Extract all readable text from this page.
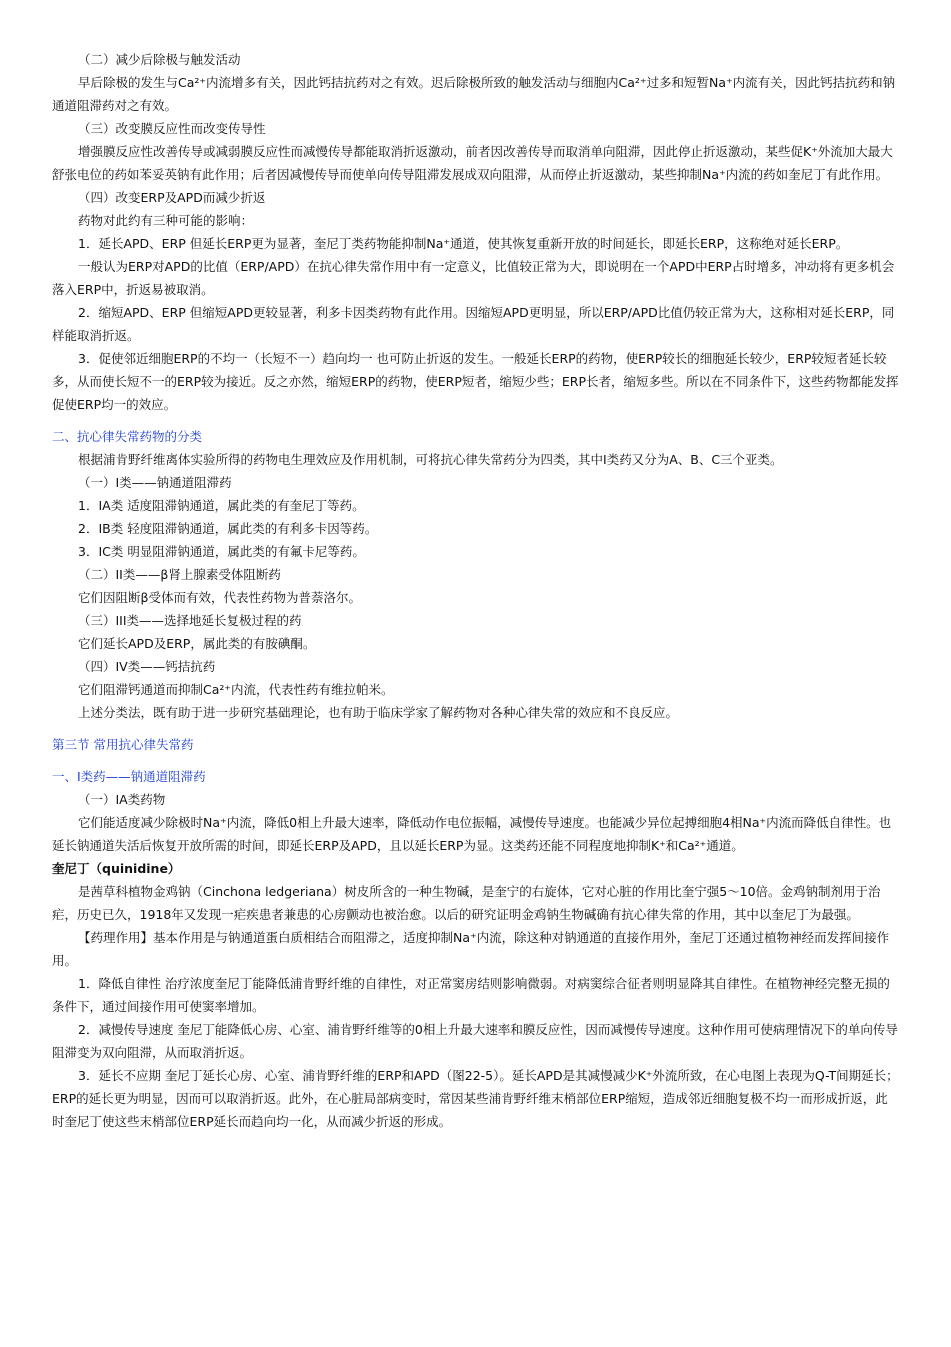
（二）减少后除极与触发活动

早后除极的发生与Ca²⁺内流增多有关，因此钙拮抗药对之有效。迟后除极所致的触发活动与细胞内Ca²⁺过多和短暂Na⁺内流有关，因此钙拮抗药和钠通道阻滞药对之有效。

（三）改变膜反应性而改变传导性

增强膜反应性改善传导或减弱膜反应性而减慢传导都能取消折返激动，前者因改善传导而取消单向阻滞，因此停止折返激动，某些促K⁺外流加大最大舒张电位的药如苯妥英钠有此作用；后者因减慢传导而使单向传导阻滞发展成双向阻滞，从而停止折返激动，某些抑制Na⁺内流的药如奎尼丁有此作用。

（四）改变ERP及APD而减少折返

药物对此约有三种可能的影响：

1．延长APD、ERP 但延长ERP更为显著，奎尼丁类药物能抑制Na⁺通道，使其恢复重新开放的时间延长，即延长ERP，这称绝对延长ERP。

一般认为ERP对APD的比值（ERP/APD）在抗心律失常作用中有一定意义，比值较正常为大，即说明在一个APD中ERP占时增多，冲动将有更多机会落入ERP中，折返易被取消。

2．缩短APD、ERP 但缩短APD更较显著，利多卡因类药物有此作用。因缩短APD更明显，所以ERP/APD比值仍较正常为大，这称相对延长ERP，同样能取消折返。

3．促使邻近细胞ERP的不均一（长短不一）趋向均一 也可防止折返的发生。一般延长ERP的药物，使ERP较长的细胞延长较少，ERP较短者延长较多，从而使长短不一的ERP较为接近。反之亦然，缩短ERP的药物，使ERP短者，缩短少些；ERP长者，缩短多些。所以在不同条件下，这些药物都能发挥促使ERP均一的效应。

二、抗心律失常药物的分类

根据浦肯野纤维离体实验所得的药物电生理效应及作用机制，可将抗心律失常药分为四类，其中I类药又分为A、B、C三个亚类。

（一）I类——钠通道阻滞药

1．IA类 适度阻滞钠通道，属此类的有奎尼丁等药。

2．IB类 轻度阻滞钠通道，属此类的有利多卡因等药。

3．IC类 明显阻滞钠通道，属此类的有氟卡尼等药。

（二）II类——β肾上腺素受体阻断药

它们因阻断β受体而有效，代表性药物为普萘洛尔。

（三）III类——选择地延长复极过程的药

它们延长APD及ERP，属此类的有胺碘酮。

（四）IV类——钙拮抗药

它们阻滞钙通道而抑制Ca²⁺内流，代表性药有维拉帕米。

上述分类法，既有助于进一步研究基础理论，也有助于临床学家了解药物对各种心律失常的效应和不良反应。

第三节 常用抗心律失常药

一、I类药——钠通道阻滞药

（一）IA类药物

它们能适度减少除极时Na⁺内流，降低0相上升最大速率，降低动作电位振幅，减慢传导速度。也能减少异位起搏细胞4相Na⁺内流而降低自律性。也延长钠通道失活后恢复开放所需的时间，即延长ERP及APD，且以延长ERP为显。这类药还能不同程度地抑制K⁺和Ca²⁺通道。

奎尼丁（quinidine）

是茜草科植物金鸡钠（Cinchona ledgeriana）树皮所含的一种生物碱，是奎宁的右旋体，它对心脏的作用比奎宁强5～10倍。金鸡钠制剂用于治疟，历史已久，1918年又发现一疟疾患者兼患的心房颤动也被治愈。以后的研究证明金鸡钠生物碱确有抗心律失常的作用，其中以奎尼丁为最强。

【药理作用】基本作用是与钠通道蛋白质相结合而阻滞之，适度抑制Na⁺内流，除这种对钠通道的直接作用外，奎尼丁还通过植物神经而发挥间接作用。

1．降低自律性 治疗浓度奎尼丁能降低浦肯野纤维的自律性，对正常窦房结则影响微弱。对病窦综合征者则明显降其自律性。在植物神经完整无损的条件下，通过间接作用可使窦率增加。

2．减慢传导速度 奎尼丁能降低心房、心室、浦肯野纤维等的0相上升最大速率和膜反应性，因而减慢传导速度。这种作用可使病理情况下的单向传导阻滞变为双向阻滞，从而取消折返。

3．延长不应期 奎尼丁延长心房、心室、浦肯野纤维的ERP和APD（图22-5）。延长APD是其减慢减少K⁺外流所致，在心电图上表现为Q-T间期延长；ERP的延长更为明显，因而可以取消折返。此外，在心脏局部病变时，常因某些浦肯野纤维末梢部位ERP缩短，造成邻近细胞复极不均一而形成折返，此时奎尼丁使这些末梢部位ERP延长而趋向均一化，从而减少折返的形成。
